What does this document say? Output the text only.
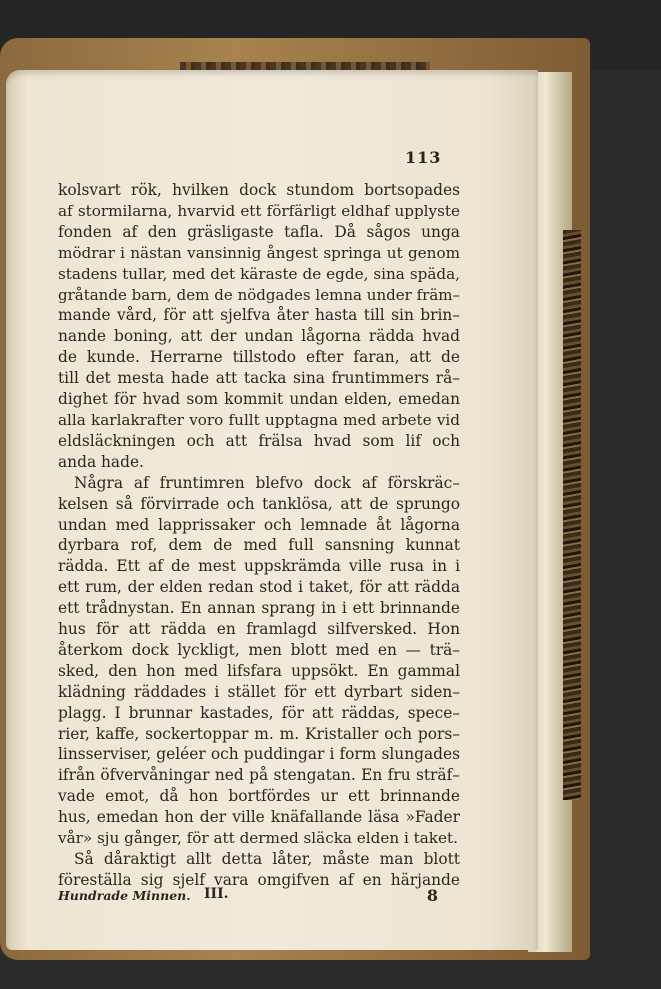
113
kolsvart rök, hvilken dock stundom bortsopades
af stormilarna, hvarvid ett förfärligt eldhaf upplyste
fonden af den gräsligaste tafla. Då sågos unga
mödrar i nästan vansinnig ångest springa ut genom
stadens tullar, med det käraste de egde, sina späda,
gråtande barn, dem de nödgades lemna under främ–
mande vård, för att sjelfva åter hasta till sin brin–
nande boning, att der undan lågorna rädda hvad
de kunde. Herrarne tillstodo efter faran, att de
till det mesta hade att tacka sina fruntimmers rå–
dighet för hvad som kommit undan elden, emedan
alla karlakrafter voro fullt upptagna med arbete vid
eldsläckningen och att frälsa hvad som lif och
anda hade.
Några af fruntimren blefvo dock af förskräc–
kelsen så förvirrade och tanklösa, att de sprungo
undan med lapprissaker och lemnade åt lågorna
dyrbara rof, dem de med full sansning kunnat
rädda. Ett af de mest uppskrämda ville rusa in i
ett rum, der elden redan stod i taket, för att rädda
ett trådnystan. En annan sprang in i ett brinnande
hus för att rädda en framlagd silfversked. Hon
återkom dock lyckligt, men blott med en — trä–
sked, den hon med lifsfara uppsökt. En gammal
klädning räddades i stället för ett dyrbart siden–
plagg. I brunnar kastades, för att räddas, spece–
rier, kaffe, sockertoppar m. m. Kristaller och pors–
linsserviser, geléer och puddingar i form slungades
ifrån öfvervåningar ned på stengatan. En fru sträf–
vade emot, då hon bortfördes ur ett brinnande
hus, emedan hon der ville knäfallande läsa »Fader
vår» sju gånger, för att dermed släcka elden i taket.
Så dåraktigt allt detta låter, måste man blott
föreställa sig sjelf vara omgifven af en härjande
Hundrade Minnen. III.	8
